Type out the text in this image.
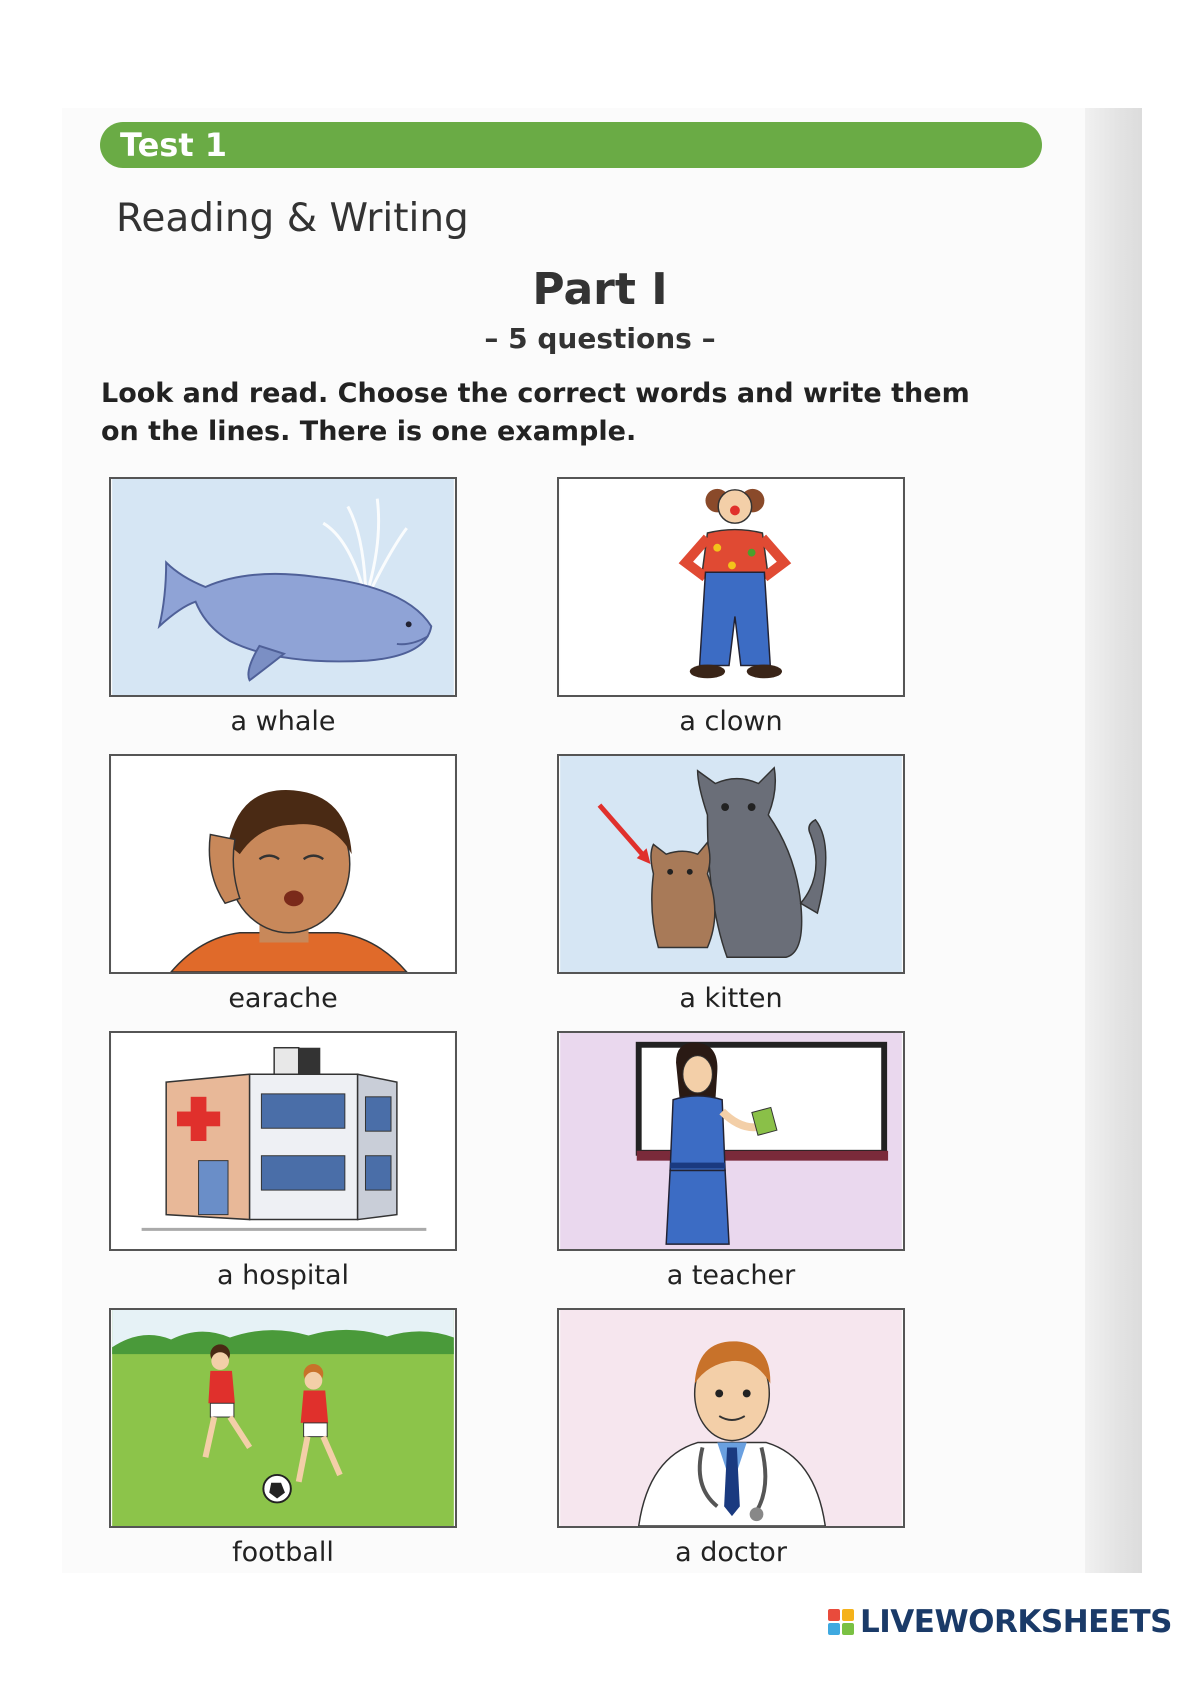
Test 1
Reading & Writing
Part I
– 5 questions –
Look and read. Choose the correct words and write them on the lines. There is one example.
a whale	a clown
earache	a kitten
a hospital	a teacher
football	a doctor
LIVEWORKSHEETS
